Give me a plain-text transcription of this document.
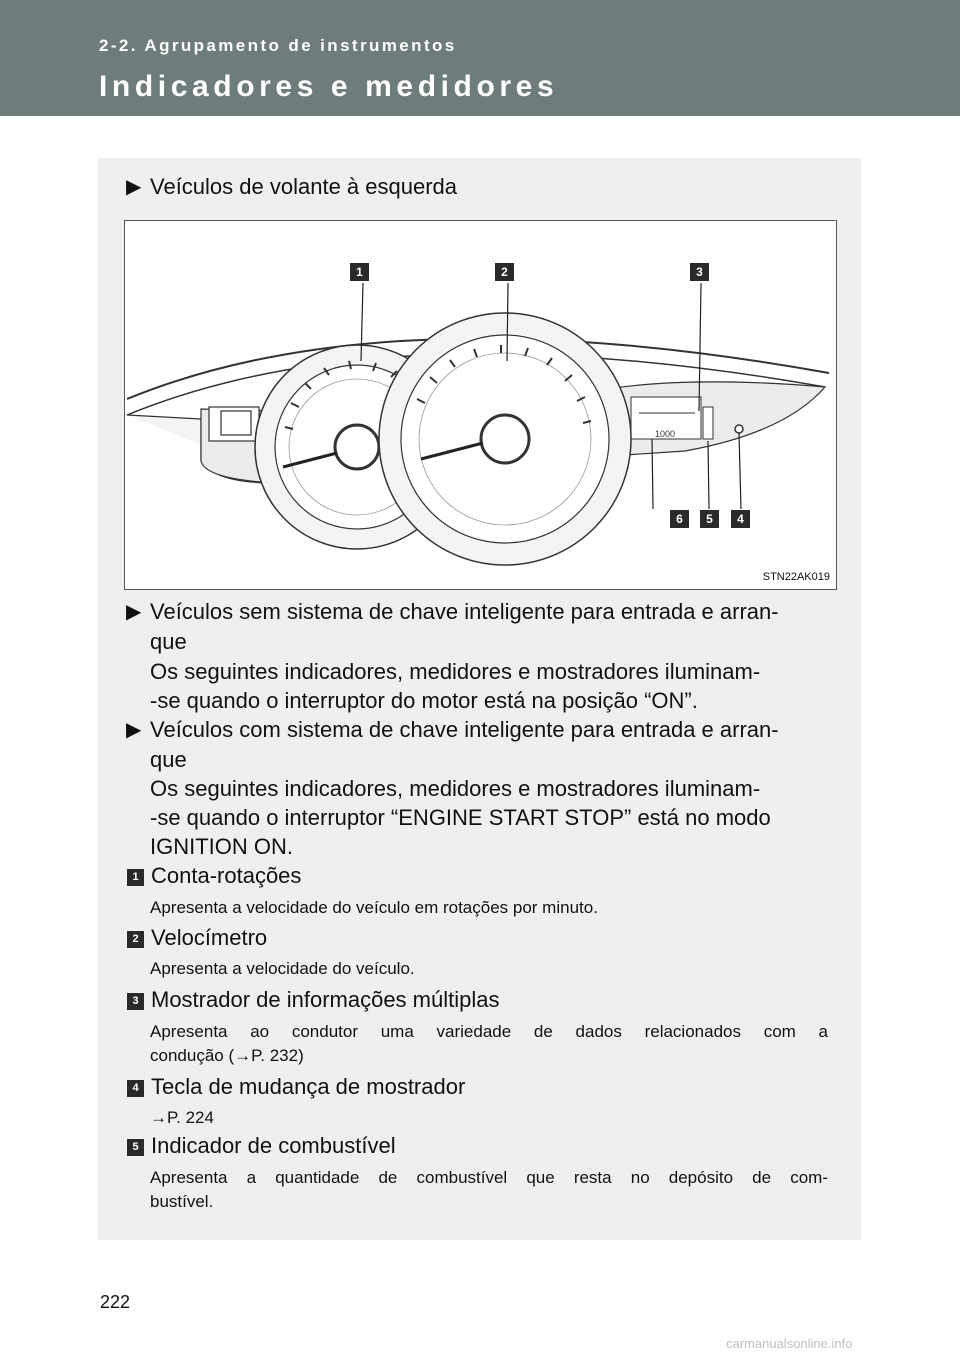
2-2. Agrupamento de instrumentos
Indicadores e medidores
▶ Veículos de volante à esquerda
1000
1	2	3
4
5
6
STN22AK019
▶ Veículos sem sistema de chave inteligente para entrada e arran-
que
Os seguintes indicadores, medidores e mostradores iluminam-
-se quando o interruptor do motor está na posição “ON”.
▶ Veículos com sistema de chave inteligente para entrada e arran-
que
Os seguintes indicadores, medidores e mostradores iluminam-
-se quando o interruptor “ENGINE START STOP” está no modo
IGNITION ON.
1 Conta-rotações
Apresenta a velocidade do veículo em rotações por minuto.
2 Velocímetro
Apresenta a velocidade do veículo.
3 Mostrador de informações múltiplas
Apresenta ao condutor uma variedade de dados relacionados com a
condução (→P. 232)
4 Tecla de mudança de mostrador
→P. 224
5 Indicador de combustível
Apresenta a quantidade de combustível que resta no depósito de com-
bustível.
222
carmanualsonline.info
